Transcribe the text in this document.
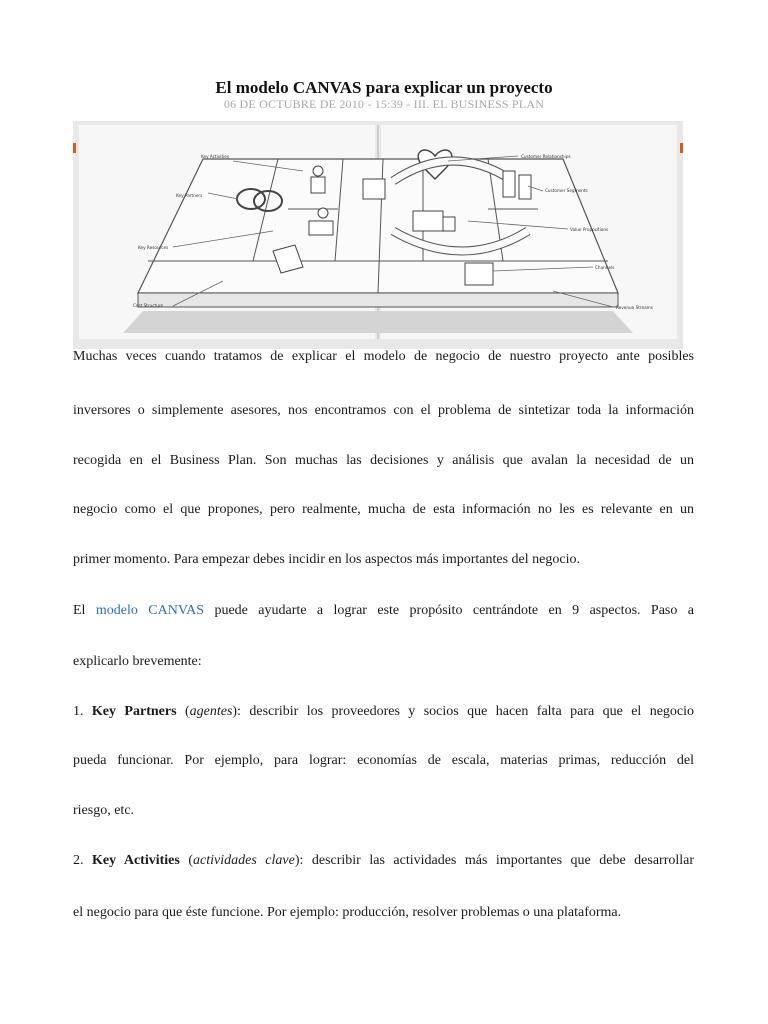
El modelo CANVAS para explicar un proyecto
06 DE OCTUBRE DE 2010 - 15:39 - III. EL BUSINESS PLAN
Key Activities
Key Partners
Key Resources
Cost Structure
Customer Relationships
Customer Segments
Value Propositions
Channels
Revenue Streams
Muchas veces cuando tratamos de explicar el modelo de negocio de nuestro proyecto ante posibles
inversores o simplemente asesores, nos encontramos con el problema de sintetizar toda la información
recogida en el Business Plan. Son muchas las decisiones y análisis que avalan la necesidad de un
negocio como el que propones, pero realmente, mucha de esta información no les es relevante en un
primer momento. Para empezar debes incidir en los aspectos más importantes del negocio.
El modelo CANVAS puede ayudarte a lograr este propósito centrándote en 9 aspectos. Paso a
explicarlo brevemente:
1. Key Partners (agentes): describir los proveedores y socios que hacen falta para que el negocio
pueda funcionar. Por ejemplo, para lograr: economías de escala, materias primas, reducción del
riesgo, etc.
2. Key Activities (actividades clave): describir las actividades más importantes que debe desarrollar
el negocio para que éste funcione. Por ejemplo: producción, resolver problemas o una plataforma.
